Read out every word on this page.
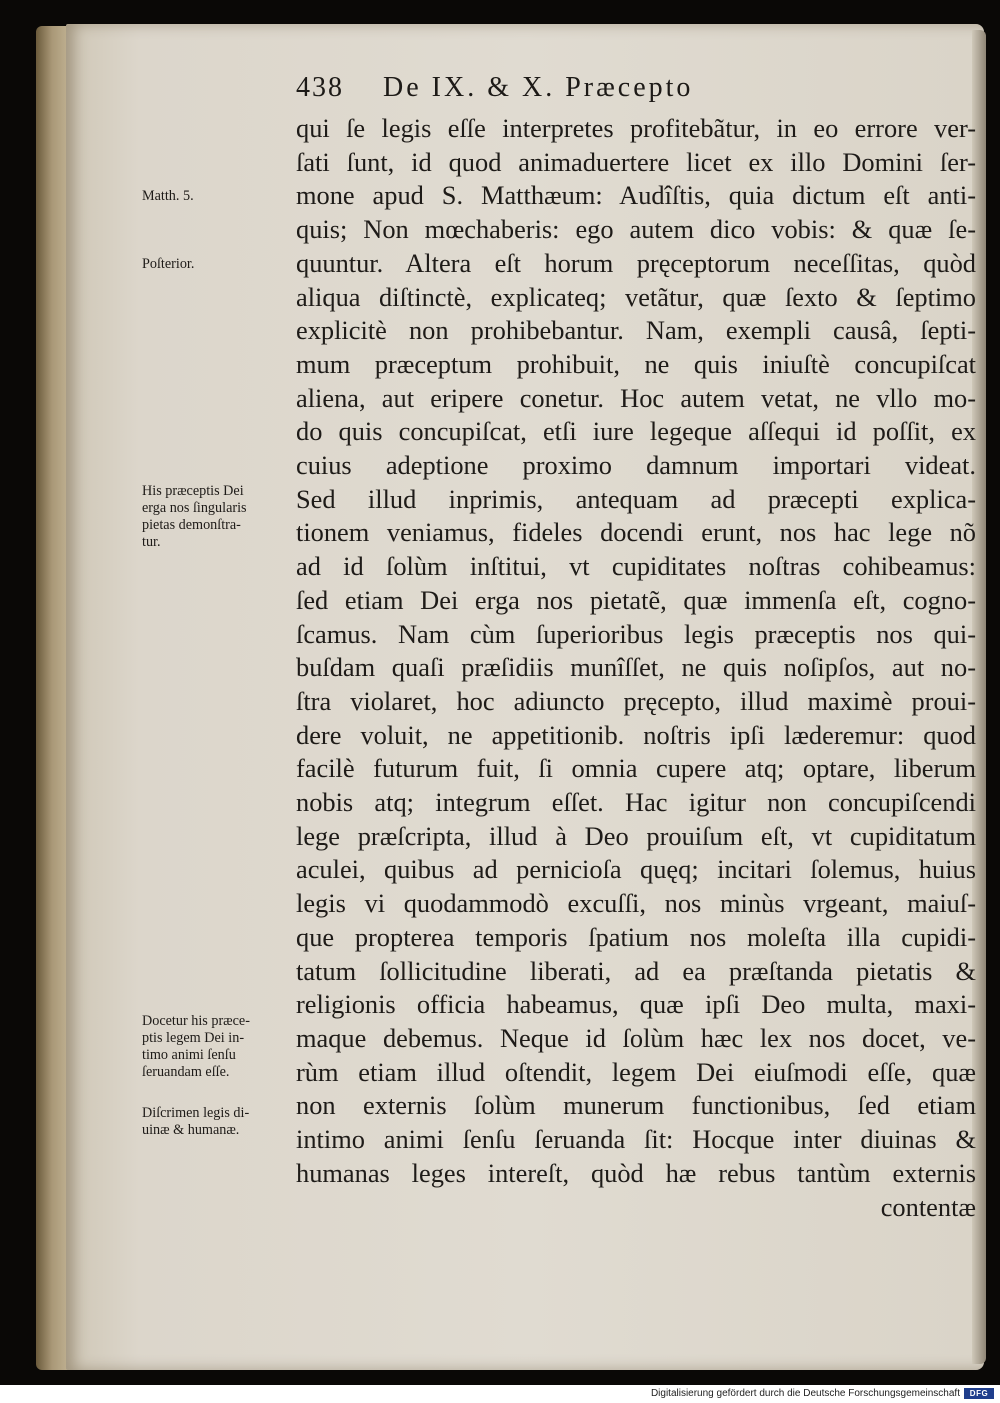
438 De IX. & X. Præcepto
qui ſe legis eſſe interpretes profitebãtur, in eo errore ver-
ſati ſunt, id quod animaduertere licet ex illo Domini ſer-
mone apud S. Matthæum: Audîſtis, quia dictum eſt anti-
quis; Non mœchaberis: ego autem dico vobis: & quæ ſe-
quuntur. Altera eſt horum pręceptorum neceſſitas, quòd
aliqua diſtinctè, explicateq; vetãtur, quæ ſexto & ſeptimo
explicitè non prohibebantur. Nam, exempli causâ, ſepti-
mum præceptum prohibuit, ne quis iniuſtè concupiſcat
aliena, aut eripere conetur. Hoc autem vetat, ne vllo mo-
do quis concupiſcat, etſi iure legeque aſſequi id poſſit, ex
cuius adeptione proximo damnum importari videat.
Sed illud inprimis, antequam ad præcepti explica-
tionem veniamus, fideles docendi erunt, nos hac lege nõ
ad id ſolùm inſtitui, vt cupiditates noſtras cohibeamus:
ſed etiam Dei erga nos pietatẽ, quæ immenſa eſt, cogno-
ſcamus. Nam cùm ſuperioribus legis præceptis nos qui-
buſdam quaſi præſidiis munîſſet, ne quis noſipſos, aut no-
ſtra violaret, hoc adiuncto pręcepto, illud maximè proui-
dere voluit, ne appetitionib. noſtris ipſi læderemur: quod
facilè futurum fuit, ſi omnia cupere atq; optare, liberum
nobis atq; integrum eſſet. Hac igitur non concupiſcendi
lege præſcripta, illud à Deo prouiſum eſt, vt cupiditatum
aculei, quibus ad pernicioſa quęq; incitari ſolemus, huius
legis vi quodammodò excuſſi, nos minùs vrgeant, maiuſ-
que propterea temporis ſpatium nos moleſta illa cupidi-
tatum ſollicitudine liberati, ad ea præſtanda pietatis &
religionis officia habeamus, quæ ipſi Deo multa, maxi-
maque debemus. Neque id ſolùm hæc lex nos docet, ve-
rùm etiam illud oſtendit, legem Dei eiuſmodi eſſe, quæ
non externis ſolùm munerum functionibus, ſed etiam
intimo animi ſenſu ſeruanda ſit: Hocque inter diuinas &
humanas leges intereſt, quòd hæ rebus tantùm externis
contentæ
Matth. 5.
Poſterior.
His præceptis Dei
erga nos ſingularis
pietas demonſtra-
tur.
Docetur his præce-
ptis legem Dei in-
timo animi ſenſu
ſeruandam eſſe.
Diſcrimen legis di-
uinæ & humanæ.
Digitalisierung gefördert durch die Deutsche Forschungsgemeinschaft	DFG
